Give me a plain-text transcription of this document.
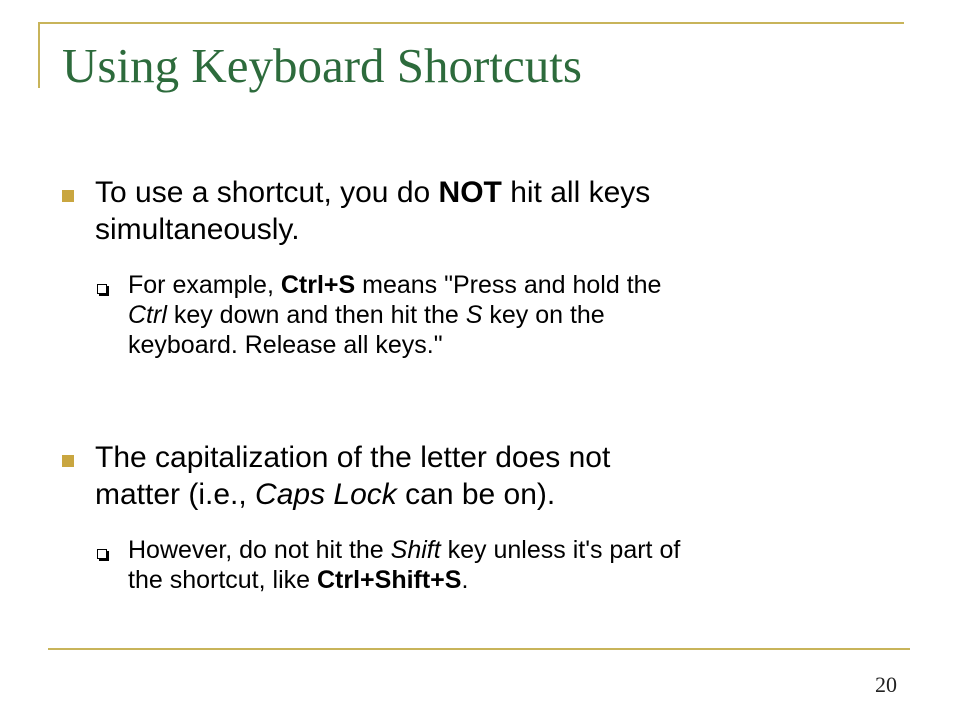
Using Keyboard Shortcuts
To use a shortcut, you do NOT hit all keys
simultaneously.
For example, Ctrl+S means "Press and hold the
Ctrl key down and then hit the S key on the
keyboard. Release all keys."
The capitalization of the letter does not
matter (i.e., Caps Lock can be on).
However, do not hit the Shift key unless it's part of
the shortcut, like Ctrl+Shift+S.
20
